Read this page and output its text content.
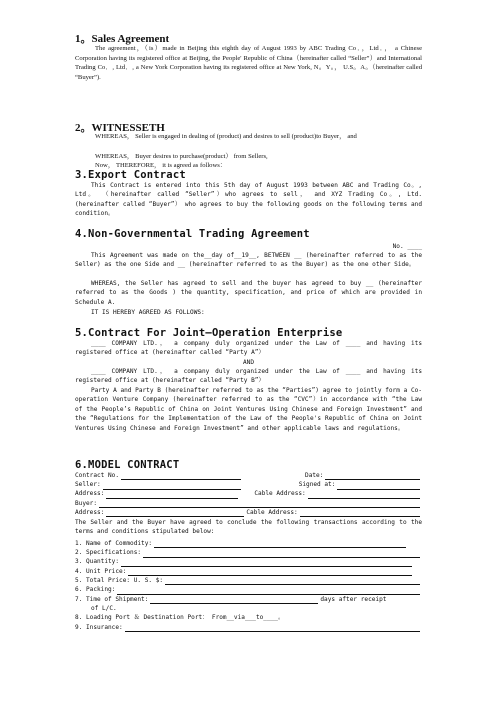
1。Sales Agreement
The agreement，（is）made in Beijing this eighth day of August 1993 by ABC Trading Co．，Ltd．， a Chinese Corporation having its registered office at Beijing, the People' Republic of China（hereinafter called “Seller”）and International Trading Co．, Ltd．, a New York Corporation having its registered office at New York, N。Y。， U.S。A。（hereinafter called “Buyer”).
2。WITNESSETH
WHEREAS， Seller is engaged in dealing of (product) and desires to sell (product)to Buyer， and
WHEREAS， Buyer desires to purchase(product） from Sellers,
Now， THEREFORE， it is agreed as follows：
3.Export Contract
This Contract is entered into this 5th day of August 1993 between ABC and Trading Co。, Ltd。 （hereinafter called “Seller”）who agrees to sell， and XYZ Trading Co。, Ltd. (hereinafter called “Buyer”） who agrees to buy the following goods on the following terms and condition。
4.Non-Governmental Trading Agreement
No. ____
This Agreement was made on the__day of__19__, BETWEEN __ (hereinafter referred to as the Seller) as the one Side and __ (hereinafter referred to as the Buyer) as the one other Side。
WHEREAS, the Seller has agreed to sell and the buyer has agreed to buy __ (hereinafter referred to as the Goods ) the quantity, specification, and price of which are provided in Schedule A.
IT IS HEREBY AGREED AS FOLLOWS:
5.Contract For Joint—Operation Enterprise
____ COMPANY LTD.， a company duly organized under the Law of ____ and having its registered office at (hereinafter called “Party A”）
AND
____ COMPANY LTD.， a company duly organized under the Law of ____ and having its registered office at (hereinafter called “Party B”）
Party A and Party B (hereinafter referred to as the “Parties”) agree to jointly form a Co-operation Venture Company (hereinafter referred to as the “CVC”）in accordance with “the Law of the People’s Republic of China on Joint Ventures Using Chinese and Foreign Investment” and the “Regulations for the Implementation of the Law of the People's Republic of China on Joint Ventures Using Chinese and Foreign Investment” and other applicable laws and regulations。
6.MODEL CONTRACT
Contract No.	Date:
Seller:	Signed at:
Address:	Cable Address:
Buyer:
Address:	Cable Address:
The Seller and the Buyer have agreed to conclude the following transactions according to the terms and conditions stipulated below:
1. Name of Commodity:
2. Specifications:
3. Quantity:
4. Unit Price:
5. Total Price: U. S. $:
6. Packing:
7. Time of Shipment:	days after receipt
of L/C.
8. Loading Port ＆ Destination Port： From__via___to____。
9. Insurance:
